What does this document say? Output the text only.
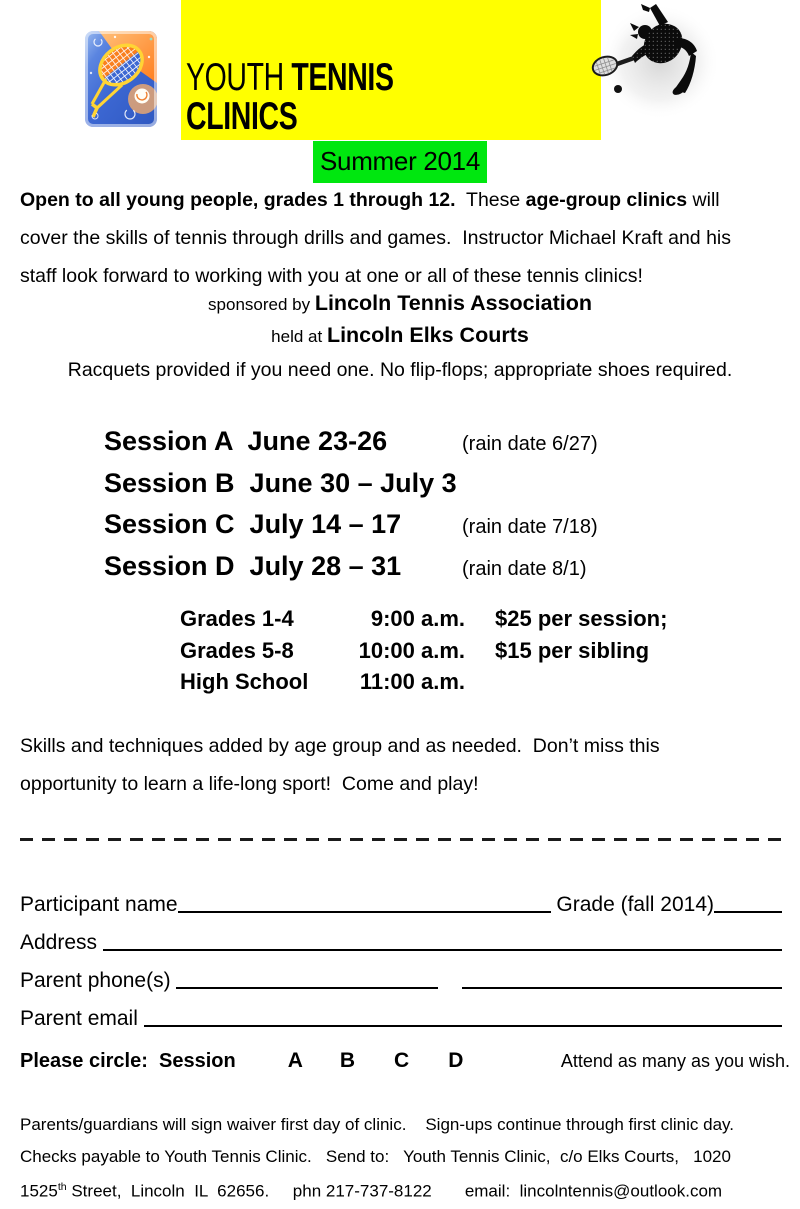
YOUTH TENNIS CLINICS
Summer 2014
Open to all young people, grades 1 through 12.  These age-group clinics will
cover the skills of tennis through drills and games.  Instructor Michael Kraft and his
staff look forward to working with you at one or all of these tennis clinics!
sponsored by Lincoln Tennis Association
held at Lincoln Elks Courts
Racquets provided if you need one. No flip-flops; appropriate shoes required.
Session A  June 23-26	(rain date 6/27)
Session B  June 30 – July 3
Session C  July 14 – 17	(rain date 7/18)
Session D  July 28 – 31	(rain date 8/1)
Grades 1-4	9:00 a.m. $25 per session;
Grades 5-8	10:00 a.m. $15 per sibling
High School	11:00 a.m.
Skills and techniques added by age group and as needed.  Don’t miss this
opportunity to learn a life-long sport!  Come and play!
Participant name	Grade (fall 2014)
Address
Parent phone(s)
Parent email
Please circle:  Session A B C D	Attend as many as you wish.
Parents/guardians will sign waiver first day of clinic.    Sign-ups continue through first clinic day.
Checks payable to Youth Tennis Clinic.   Send to:   Youth Tennis Clinic,  c/o Elks Courts,   1020
1525th Street,  Lincoln  IL  62656.     phn 217-737-8122       email:  lincolntennis@outlook.com
